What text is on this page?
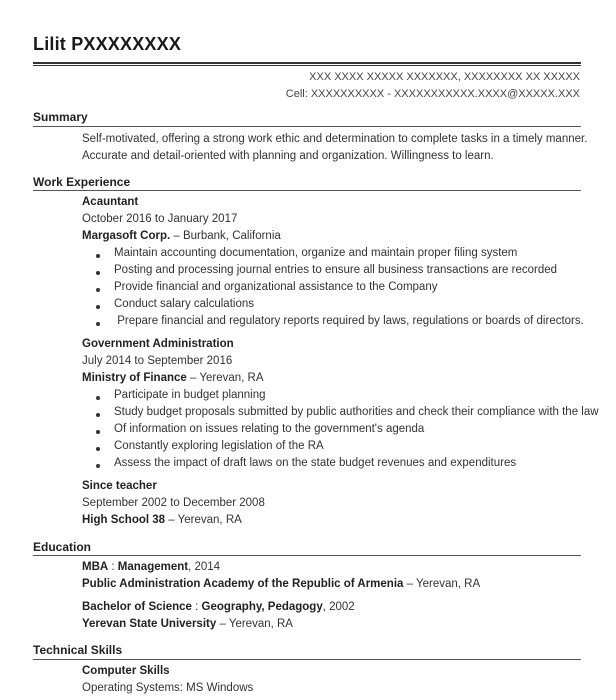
Lilit PXXXXXXXX
XXX XXXX XXXXX XXXXXXX, XXXXXXXX XX XXXXX
Cell: XXXXXXXXXX - XXXXXXXXXXX.XXXX@XXXXX.XXX
Summary
Self-motivated, offering a strong work ethic and determination to complete tasks in a timely manner.
Accurate and detail-oriented with planning and organization. Willingness to learn.
Work Experience
Acauntant
October 2016 to January 2017
Margasoft Corp. – Burbank, California
Maintain accounting documentation, organize and maintain proper filing system
Posting and processing journal entries to ensure all business transactions are recorded
Provide financial and organizational assistance to the Company
Conduct salary calculations
Prepare financial and regulatory reports required by laws, regulations or boards of directors.
Government Administration
July 2014 to September 2016
Ministry of Finance – Yerevan, RA
Participate in budget planning
Study budget proposals submitted by public authorities and check their compliance with the law
Of information on issues relating to the government's agenda
Constantly exploring legislation of the RA
Assess the impact of draft laws on the state budget revenues and expenditures
Since teacher
September 2002 to December 2008
High School 38 – Yerevan, RA
Education
MBA : Management, 2014
Public Administration Academy of the Republic of Armenia – Yerevan, RA
Bachelor of Science : Geography, Pedagogy, 2002
Yerevan State University – Yerevan, RA
Technical Skills
Computer Skills
Operating Systems: MS Windows
